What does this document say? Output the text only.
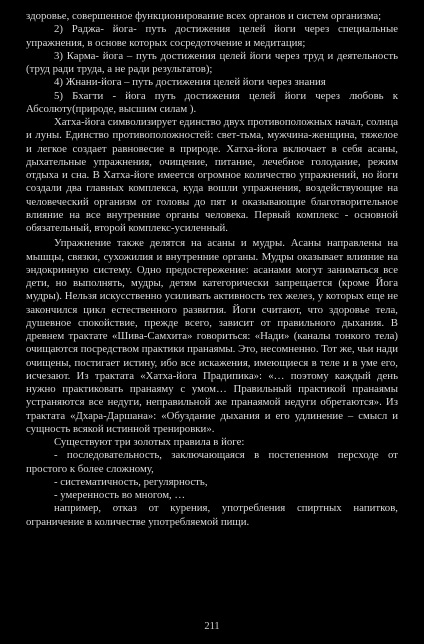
здоровье, совершенное функционирование всех органов и систем организма;

2) Раджа- йога- путь достижения целей йоги через специальные упражнения, в основе которых сосредоточение и медитация;

3) Карма- йога – путь достижения целей йоги через труд и деятельность (труд ради труда, а не ради результатов);

4) Жнани-йога – путь достижения целей йоги через знания

5) Бхагти - йога путь достижения целей йоги через любовь к Абсолюту(природе, высшим силам ).

Хатха-йога символизирует единство двух противоположных начал, солнца и луны. Единство противоположностей: свет-тьма, мужчина-женщина, тяжелое и легкое создает равновесие в природе. Хатха-йога включает в себя асаны, дыхательные упражнения, очищение, питание, лечебное голодание, режим отдыха и сна. В Хатха-йоге имеется огромное количество упражнений, но йоги создали два главных комплекса, куда вошли упражнения, воздействующие на человеческий организм от головы до пят и оказывающие благотворительное влияние на все внутренние органы человека. Первый комплекс - основной обязательный, второй комплекс-усиленный.

Упражнение также делятся на асаны и мудры. Асаны направлены на мышцы, связки, сухожилия и внутренние органы. Мудры оказывает влияние на эндокринную систему. Одно предостережение: асанами могут заниматься все дети, но выполнять, мудры, детям категорически запрещается (кроме Йога мудры). Нельзя искусственно усиливать активность тех желез, у которых еще не закончился цикл естественного развития. Йоги считают, что здоровье тела, душевное спокойствие, прежде всего, зависит от правильного дыхания. В древнем трактате «Шива-Самхита» говориться: «Нади» (каналы тонкого тела) очищаются посредством практики пранаямы. Это, несомненно. Тот же, чьи нади очищены, постигает истину, ибо все искажения, имеющиеся в теле и в уме его, исчезают. Из трактата «Хатха-йога Прадипика»: «… поэтому каждый день нужно практиковать пранаяму с умом… Правильный практикой пранаямы устраняются все недуги, неправильной же пранаямой недуги обретаются». Из трактата «Дхара-Даршана»: «Обуздание дыхания и его удлинение – смысл и сущность всякой истинной тренировки».

Существуют три золотых правила в йоге:

- последовательность, заключающаяся в постепенном персходе от простого к более сложному,

- систематичность, регулярность,

- умеренность во многом, …

например, отказ от курения, употребления спиртных напитков, ограничение в количестве употребляемой пищи.

211
